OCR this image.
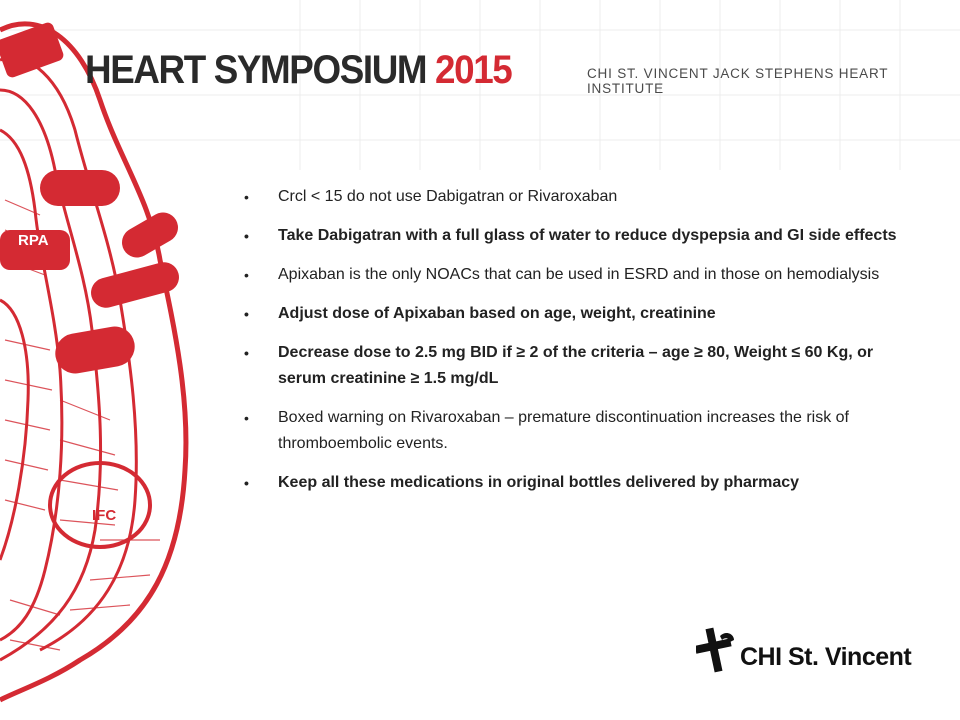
RPA
IFC
HEART SYMPOSIUM 2015	CHI ST. VINCENT JACK STEPHENS HEART INSTITUTE
• Crcl < 15 do not use Dabigatran or Rivaroxaban
• Take Dabigatran with a full glass of water to reduce dyspepsia and GI side effects
• Apixaban is the only NOACs that can be used in ESRD and in those on hemodialysis
• Adjust dose of Apixaban based on age, weight, creatinine
• Decrease dose to 2.5 mg BID if ≥ 2 of the criteria – age ≥ 80, Weight ≤ 60 Kg, or serum creatinine ≥ 1.5 mg/dL
• Boxed warning on Rivaroxaban – premature discontinuation increases the risk of thromboembolic events.
• Keep all these medications in original bottles delivered by pharmacy
CHI St. Vincent
